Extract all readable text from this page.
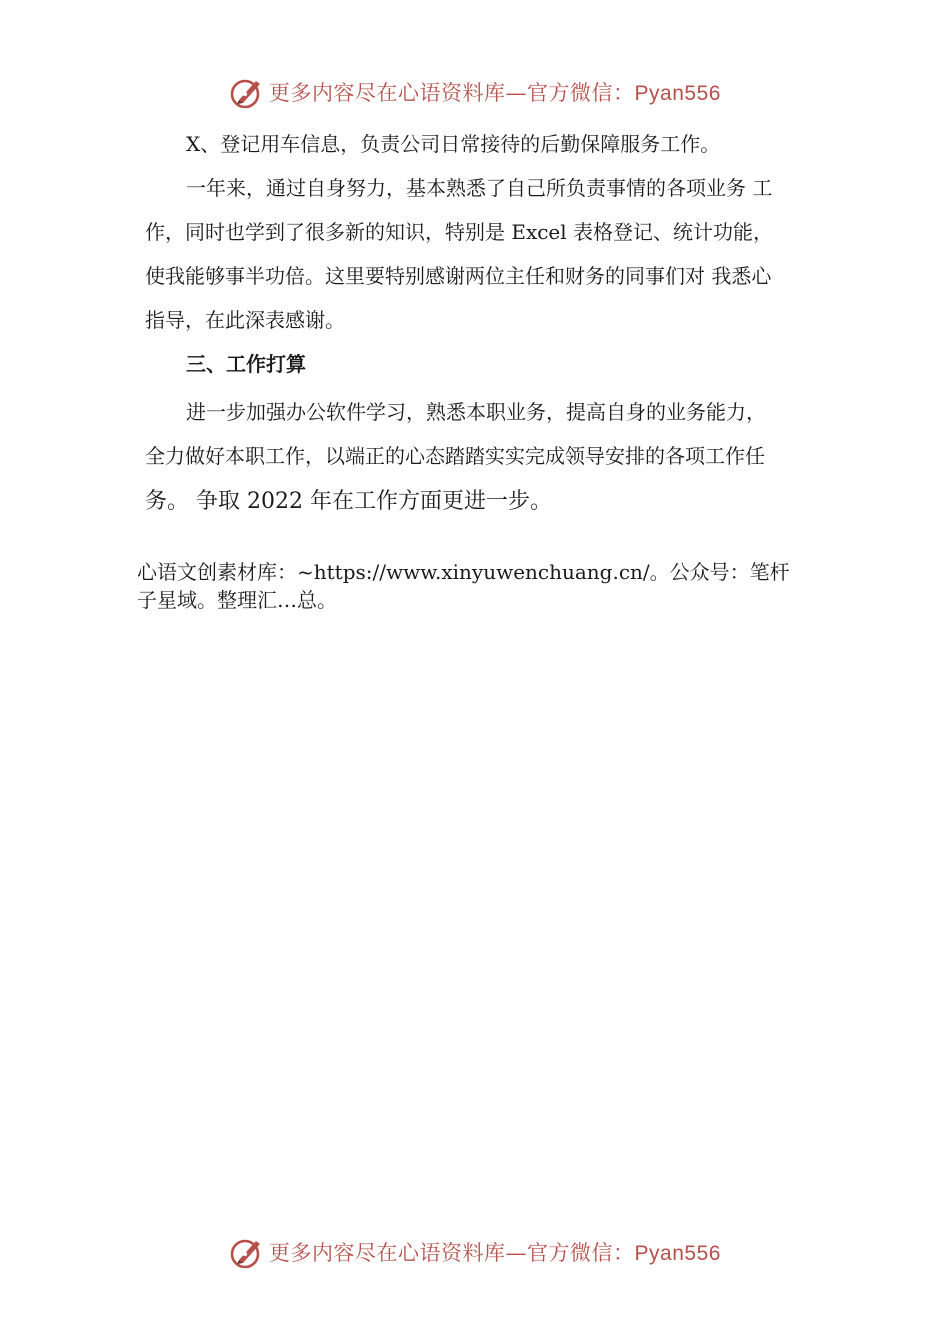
更多内容尽在心语资料库—官方微信：Pyan556
X、登记用车信息，负责公司日常接待的后勤保障服务工作。
一年来，通过自身努力，基本熟悉了自己所负责事情的各项业务 工
作，同时也学到了很多新的知识，特别是 Excel 表格登记、统计功能，
使我能够事半功倍。这里要特别感谢两位主任和财务的同事们对 我悉心
指导，在此深表感谢。
三、工作打算
进一步加强办公软件学习，熟悉本职业务，提高自身的业务能力，
全力做好本职工作，以端正的心态踏踏实实完成领导安排的各项工作任
务。 争取 2022 年在工作方面更进一步。
心语文创素材库：~https://www.xinyuwenchuang.cn/。公众号：笔杆
子星域。整理汇…总。
更多内容尽在心语资料库—官方微信：Pyan556
